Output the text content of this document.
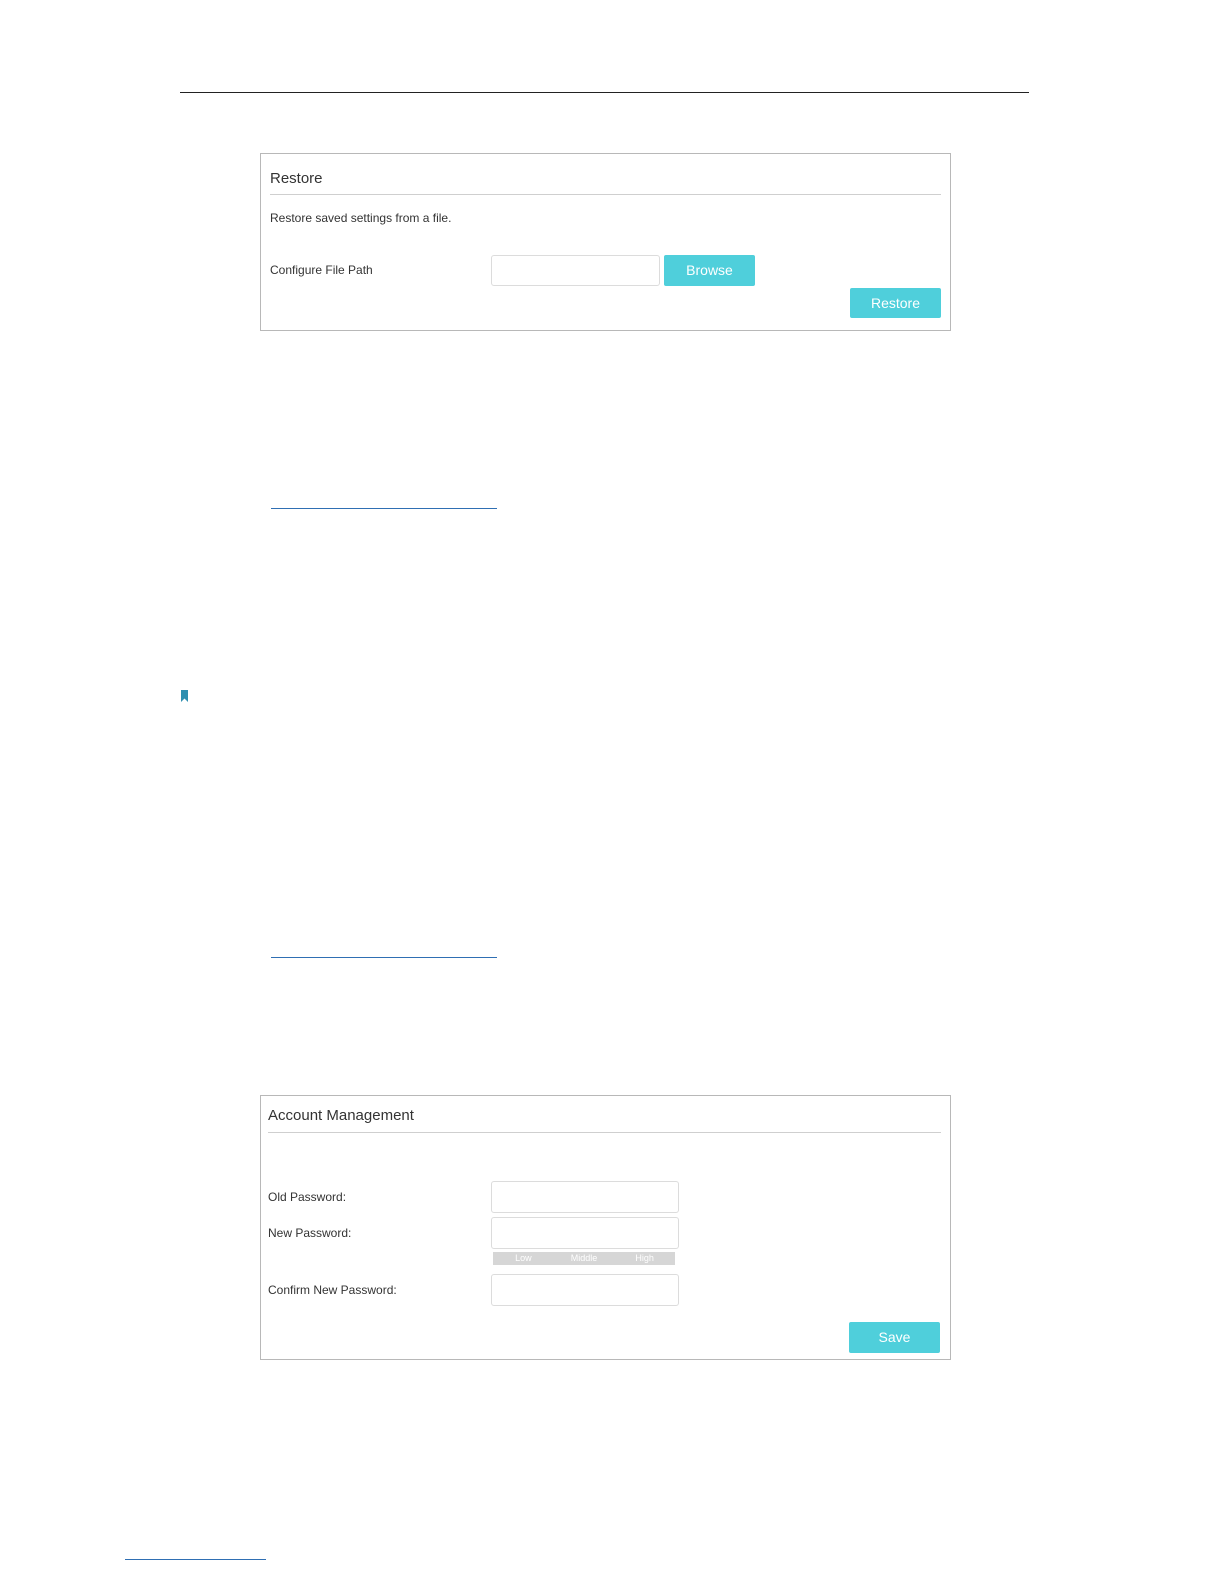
Restore
Restore saved settings from a file.
Configure File Path	Browse
Restore
Account Management
Old Password:
New Password:
Low	Middle	High
Confirm New Password:
Save
